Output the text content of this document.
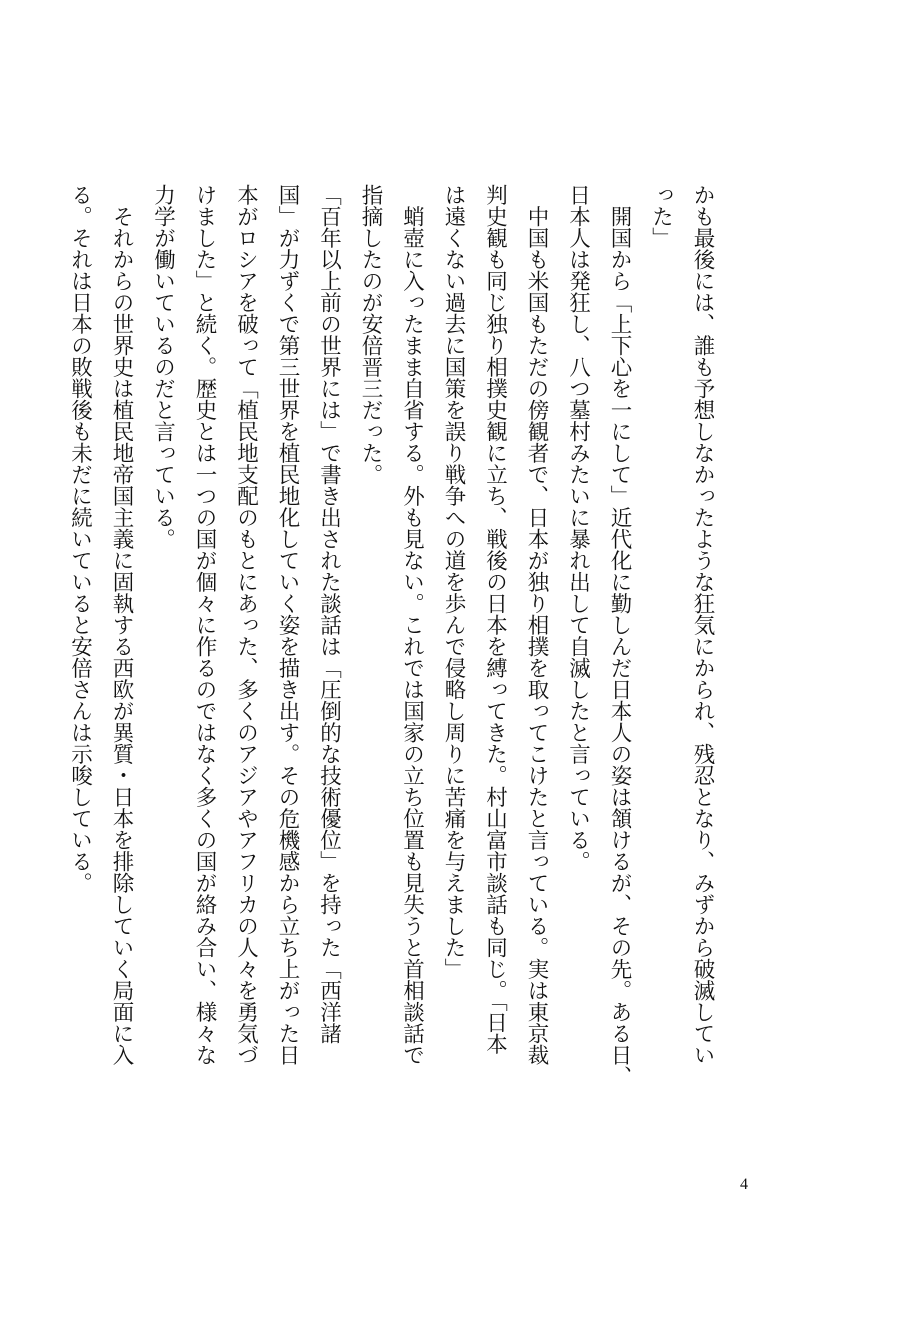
かも最後には、誰も予想しなかったような狂気にかられ、残忍となり、みずから破滅してい
った」
　開国から「上下心を一にして」近代化に勤しんだ日本人の姿は頷けるが、その先。ある日、
日本人は発狂し、八つ墓村みたいに暴れ出して自滅したと言っている。
　中国も米国もただの傍観者で、日本が独り相撲を取ってこけたと言っている。実は東京裁
判史観も同じ独り相撲史観に立ち、戦後の日本を縛ってきた。村山富市談話も同じ。「日本
は遠くない過去に国策を誤り戦争への道を歩んで侵略し周りに苦痛を与えました」
　蛸壺に入ったまま自省する。外も見ない。これでは国家の立ち位置も見失うと首相談話で
指摘したのが安倍晋三だった。
「百年以上前の世界には」で書き出された談話は「圧倒的な技術優位」を持った「西洋諸
国」が力ずくで第三世界を植民地化していく姿を描き出す。その危機感から立ち上がった日
本がロシアを破って「植民地支配のもとにあった、多くのアジアやアフリカの人々を勇気づ
けました」と続く。歴史とは一つの国が個々に作るのではなく多くの国が絡み合い、様々な
力学が働いているのだと言っている。
　それからの世界史は植民地帝国主義に固執する西欧が異質・日本を排除していく局面に入
る。それは日本の敗戦後も未だに続いていると安倍さんは示唆している。
4
